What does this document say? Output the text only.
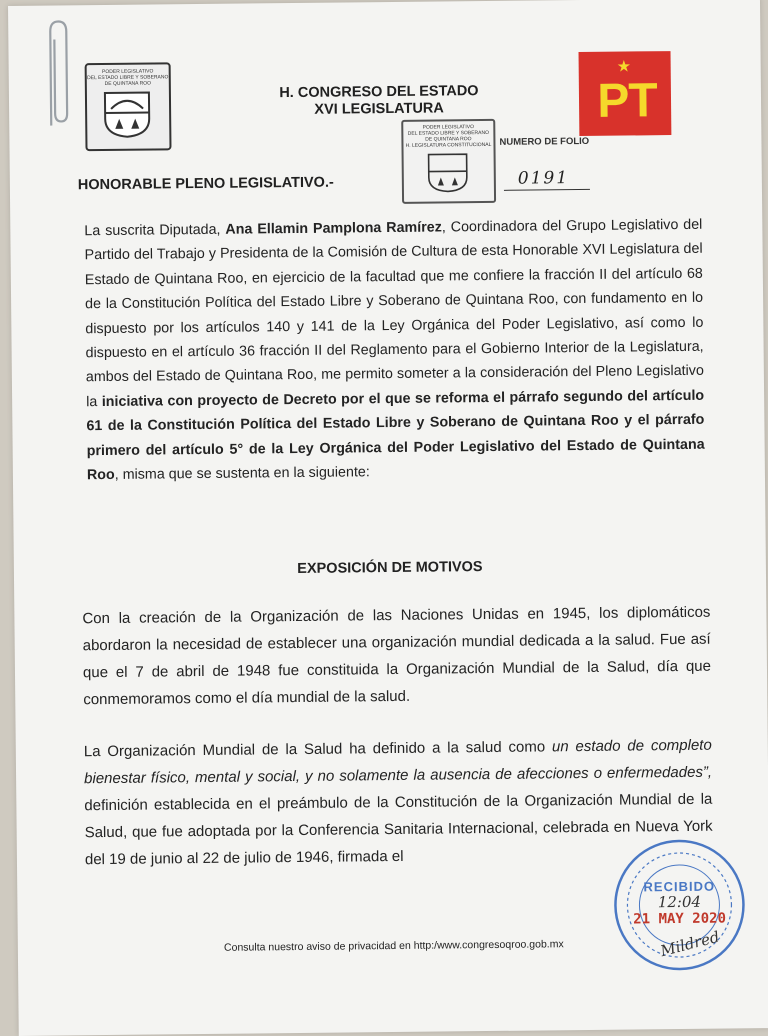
PODER LEGISLATIVO
DEL ESTADO LIBRE Y SOBERANO
DE QUINTANA ROO	H. CONGRESO DEL ESTADO
XVI LEGISLATURA
★
PT
PODER LEGISLATIVO
DEL ESTADO LIBRE Y SOBERANO
DE QUINTANA ROO
H. LEGISLATURA CONSTITUCIONAL NUMERO DE FOLIO
0191
HONORABLE PLENO LEGISLATIVO.-
La suscrita Diputada, Ana Ellamin Pamplona Ramírez, Coordinadora del Grupo Legislativo del Partido del Trabajo y Presidenta de la Comisión de Cultura de esta Honorable XVI Legislatura del Estado de Quintana Roo, en ejercicio de la facultad que me confiere la fracción II del artículo 68 de la Constitución Política del Estado Libre y Soberano de Quintana Roo, con fundamento en lo dispuesto por los artículos 140 y 141 de la Ley Orgánica del Poder Legislativo, así como lo dispuesto en el artículo 36 fracción II del Reglamento para el Gobierno Interior de la Legislatura, ambos del Estado de Quintana Roo, me permito someter a la consideración del Pleno Legislativo la iniciativa con proyecto de Decreto por el que se reforma el párrafo segundo del artículo 61 de la Constitución Política del Estado Libre y Soberano de Quintana Roo y el párrafo primero del artículo 5° de la Ley Orgánica del Poder Legislativo del Estado de Quintana Roo, misma que se sustenta en la siguiente:
EXPOSICIÓN DE MOTIVOS
Con la creación de la Organización de las Naciones Unidas en 1945, los diplomáticos abordaron la necesidad de establecer una organización mundial dedicada a la salud. Fue así que el 7 de abril de 1948 fue constituida la Organización Mundial de la Salud, día que conmemoramos como el día mundial de la salud.
La Organización Mundial de la Salud ha definido a la salud como un estado de completo bienestar físico, mental y social, y no solamente la ausencia de afecciones o enfermedades”, definición establecida en el preámbulo de la Constitución de la Organización Mundial de la Salud, que fue adoptada por la Conferencia Sanitaria Internacional, celebrada en Nueva York del 19 de junio al 22 de julio de 1946, firmada el
Consulta nuestro aviso de privacidad en http:/www.congresoqroo.gob.mx
RECIBIDO
12:04
21 MAY 2020
Mildred
